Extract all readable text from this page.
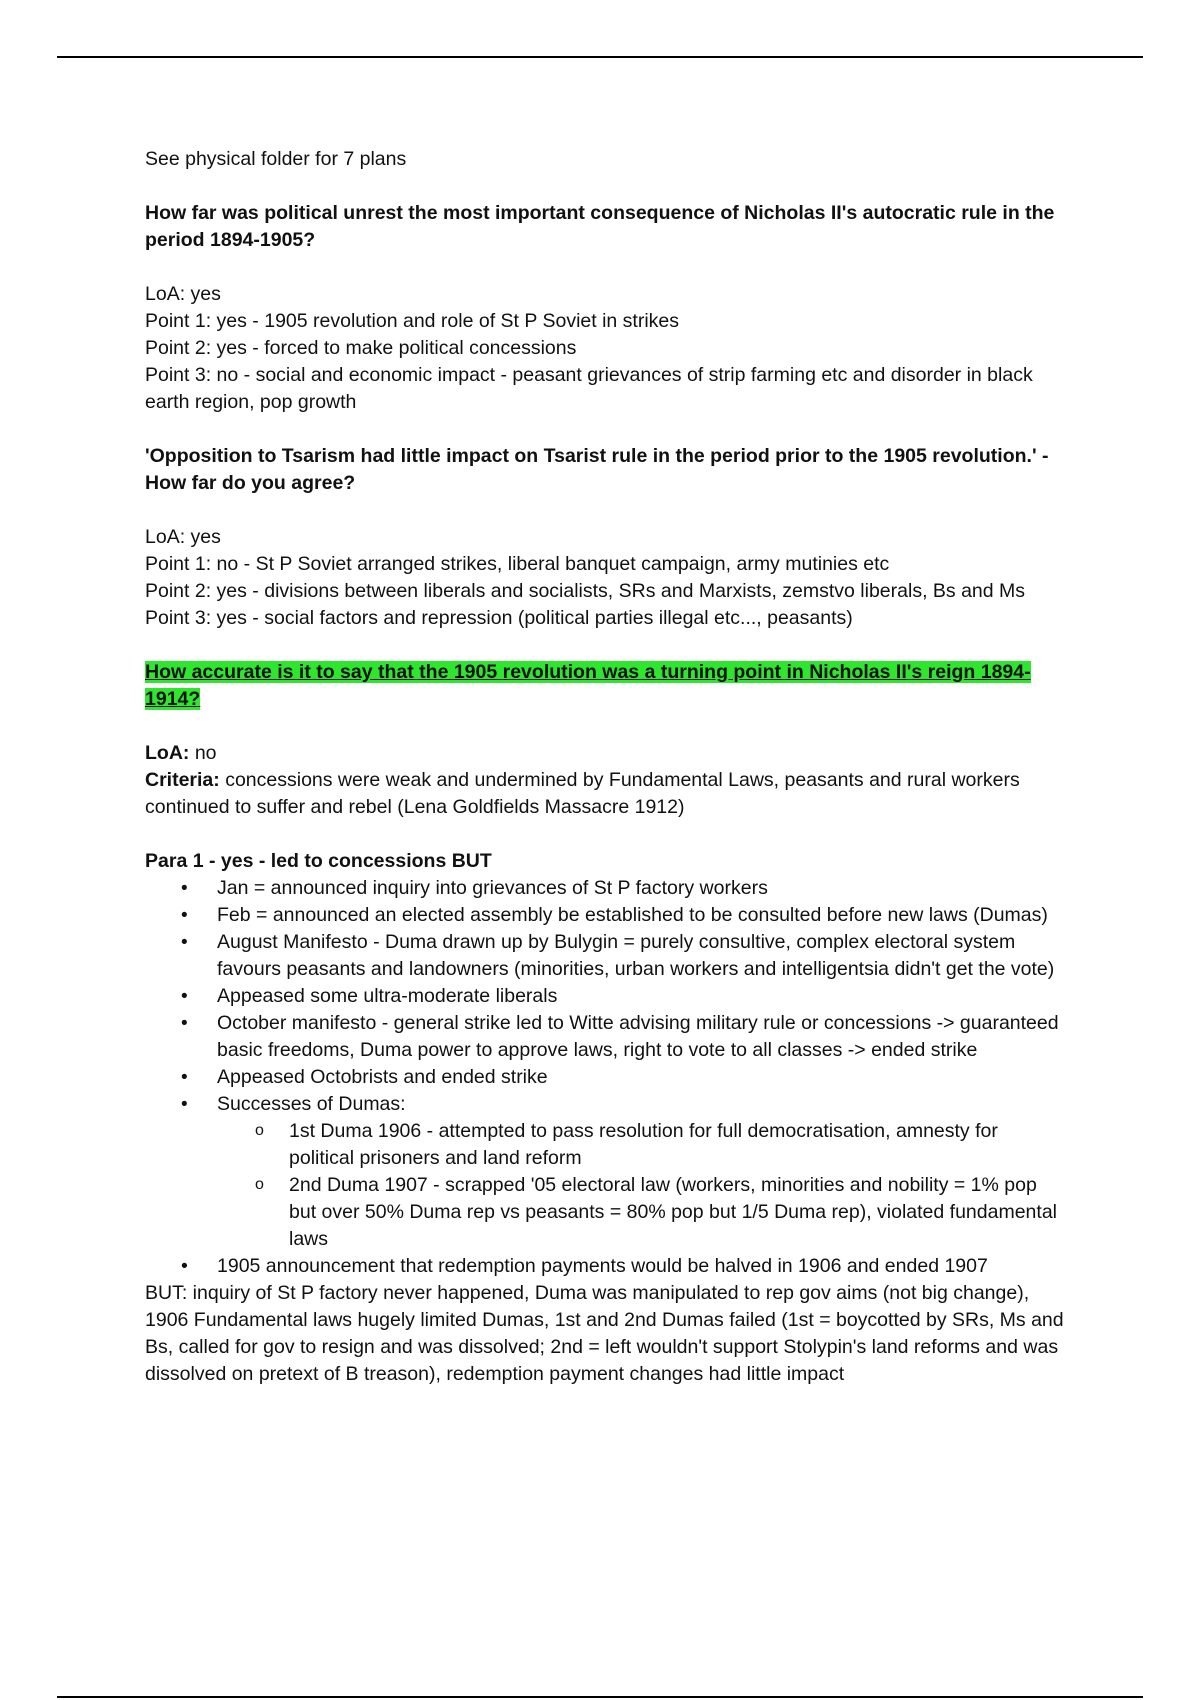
See physical folder for 7 plans

How far was political unrest the most important consequence of Nicholas II's autocratic rule in the period 1894-1905?

LoA: yes

Point 1: yes - 1905 revolution and role of St P Soviet in strikes

Point 2: yes - forced to make political concessions

Point 3: no - social and economic impact - peasant grievances of strip farming etc and disorder in black earth region, pop growth

'Opposition to Tsarism had little impact on Tsarist rule in the period prior to the 1905 revolution.' - How far do you agree?

LoA: yes

Point 1: no - St P Soviet arranged strikes, liberal banquet campaign, army mutinies etc

Point 2: yes - divisions between liberals and socialists, SRs and Marxists, zemstvo liberals, Bs and Ms

Point 3: yes - social factors and repression (political parties illegal etc..., peasants)

How accurate is it to say that the 1905 revolution was a turning point in Nicholas II's reign 1894-1914?

LoA: no

Criteria: concessions were weak and undermined by Fundamental Laws, peasants and rural workers continued to suffer and rebel (Lena Goldfields Massacre 1912)

Para 1 - yes - led to concessions BUT

• Jan = announced inquiry into grievances of St P factory workers
• Feb = announced an elected assembly be established to be consulted before new laws (Dumas)
• August Manifesto - Duma drawn up by Bulygin = purely consultive, complex electoral system favours peasants and landowners (minorities, urban workers and intelligentsia didn't get the vote)
• Appeased some ultra-moderate liberals
• October manifesto - general strike led to Witte advising military rule or concessions -> guaranteed basic freedoms, Duma power to approve laws, right to vote to all classes -> ended strike
• Appeased Octobrists and ended strike
• Successes of Dumas:
o 1st Duma 1906 - attempted to pass resolution for full democratisation, amnesty for political prisoners and land reform
o 2nd Duma 1907 - scrapped '05 electoral law (workers, minorities and nobility = 1% pop but over 50% Duma rep vs peasants = 80% pop but 1/5 Duma rep), violated fundamental laws

• 1905 announcement that redemption payments would be halved in 1906 and ended 1907

BUT: inquiry of St P factory never happened, Duma was manipulated to rep gov aims (not big change), 1906 Fundamental laws hugely limited Dumas, 1st and 2nd Dumas failed (1st = boycotted by SRs, Ms and Bs, called for gov to resign and was dissolved; 2nd = left wouldn't support Stolypin's land reforms and was dissolved on pretext of B treason), redemption payment changes had little impact
